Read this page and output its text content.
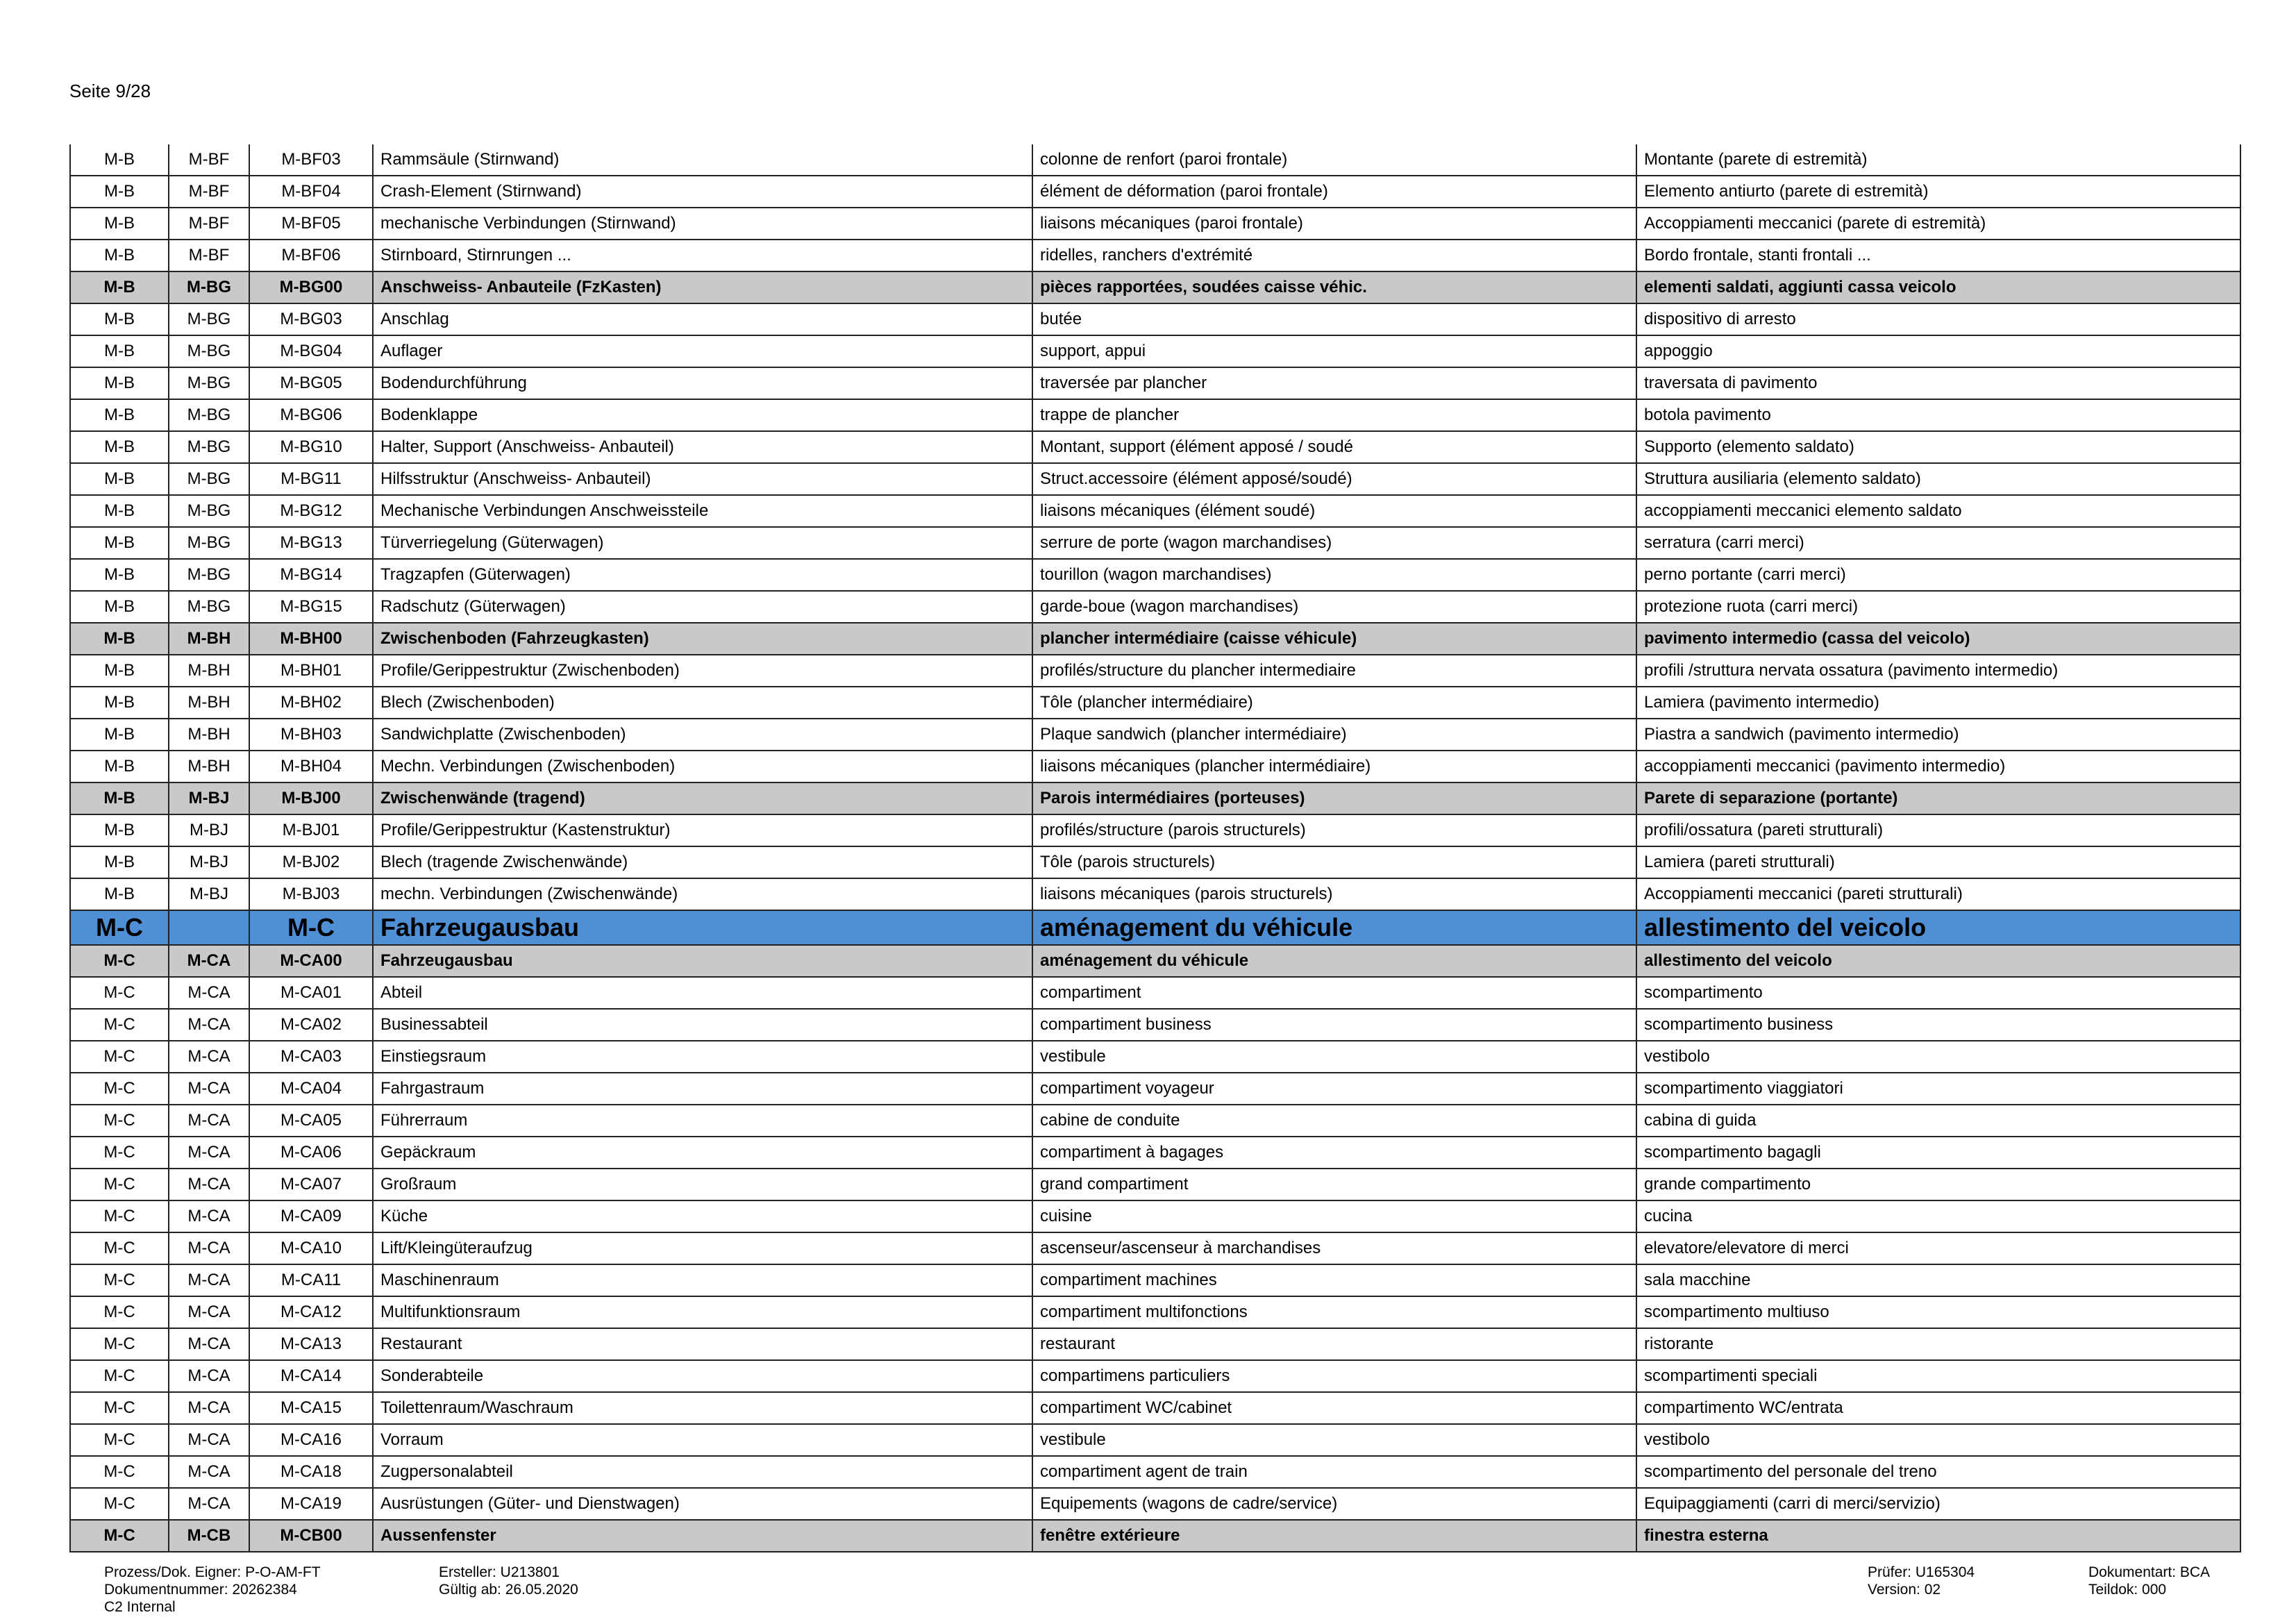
Seite 9/28
M-B	M-BF	M-BF03	Rammsäule (Stirnwand)	colonne de renfort (paroi frontale)	Montante (parete di estremità)
M-B	M-BF	M-BF04	Crash-Element (Stirnwand)	élément de déformation (paroi frontale)	Elemento antiurto (parete di estremità)
M-B	M-BF	M-BF05	mechanische Verbindungen (Stirnwand)	liaisons mécaniques (paroi frontale)	Accoppiamenti meccanici (parete di estremità)
M-B	M-BF	M-BF06	Stirnboard, Stirnrungen ...	ridelles, ranchers d'extrémité	Bordo frontale, stanti frontali ...
M-B	M-BG	M-BG00	Anschweiss- Anbauteile (FzKasten)	pièces rapportées, soudées caisse véhic.	elementi saldati, aggiunti cassa veicolo
M-B	M-BG	M-BG03	Anschlag	butée	dispositivo di arresto
M-B	M-BG	M-BG04	Auflager	support, appui	appoggio
M-B	M-BG	M-BG05	Bodendurchführung	traversée par plancher	traversata di pavimento
M-B	M-BG	M-BG06	Bodenklappe	trappe de plancher	botola pavimento
M-B	M-BG	M-BG10	Halter, Support (Anschweiss- Anbauteil)	Montant, support (élément apposé / soudé	Supporto (elemento saldato)
M-B	M-BG	M-BG11	Hilfsstruktur (Anschweiss- Anbauteil)	Struct.accessoire (élément apposé/soudé)	Struttura ausiliaria (elemento saldato)
M-B	M-BG	M-BG12	Mechanische Verbindungen Anschweissteile	liaisons mécaniques (élément soudé)	accoppiamenti meccanici elemento saldato
M-B	M-BG	M-BG13	Türverriegelung (Güterwagen)	serrure de porte (wagon marchandises)	serratura (carri merci)
M-B	M-BG	M-BG14	Tragzapfen (Güterwagen)	tourillon (wagon marchandises)	perno portante (carri merci)
M-B	M-BG	M-BG15	Radschutz (Güterwagen)	garde-boue (wagon marchandises)	protezione ruota (carri merci)
M-B	M-BH	M-BH00	Zwischenboden (Fahrzeugkasten)	plancher intermédiaire (caisse véhicule)	pavimento intermedio (cassa del veicolo)
M-B	M-BH	M-BH01	Profile/Gerippestruktur (Zwischenboden)	profilés/structure du plancher intermediaire	profili /struttura nervata ossatura (pavimento intermedio)
M-B	M-BH	M-BH02	Blech (Zwischenboden)	Tôle (plancher intermédiaire)	Lamiera (pavimento intermedio)
M-B	M-BH	M-BH03	Sandwichplatte (Zwischenboden)	Plaque sandwich (plancher intermédiaire)	Piastra a sandwich (pavimento intermedio)
M-B	M-BH	M-BH04	Mechn. Verbindungen (Zwischenboden)	liaisons mécaniques (plancher intermédiaire)	accoppiamenti meccanici (pavimento intermedio)
M-B	M-BJ	M-BJ00	Zwischenwände (tragend)	Parois intermédiaires (porteuses)	Parete di separazione (portante)
M-B	M-BJ	M-BJ01	Profile/Gerippestruktur (Kastenstruktur)	profilés/structure (parois structurels)	profili/ossatura (pareti strutturali)
M-B	M-BJ	M-BJ02	Blech (tragende Zwischenwände)	Tôle (parois structurels)	Lamiera (pareti strutturali)
M-B	M-BJ	M-BJ03	mechn. Verbindungen (Zwischenwände)	liaisons mécaniques (parois structurels)	Accoppiamenti meccanici (pareti strutturali)
M-C		M-C	Fahrzeugausbau	aménagement du véhicule	allestimento del veicolo
M-C	M-CA	M-CA00	Fahrzeugausbau	aménagement du véhicule	allestimento del veicolo
M-C	M-CA	M-CA01	Abteil	compartiment	scompartimento
M-C	M-CA	M-CA02	Businessabteil	compartiment business	scompartimento business
M-C	M-CA	M-CA03	Einstiegsraum	vestibule	vestibolo
M-C	M-CA	M-CA04	Fahrgastraum	compartiment voyageur	scompartimento viaggiatori
M-C	M-CA	M-CA05	Führerraum	cabine de conduite	cabina di guida
M-C	M-CA	M-CA06	Gepäckraum	compartiment à bagages	scompartimento bagagli
M-C	M-CA	M-CA07	Großraum	grand compartiment	grande compartimento
M-C	M-CA	M-CA09	Küche	cuisine	cucina
M-C	M-CA	M-CA10	Lift/Kleingüteraufzug	ascenseur/ascenseur à marchandises	elevatore/elevatore di merci
M-C	M-CA	M-CA11	Maschinenraum	compartiment machines	sala macchine
M-C	M-CA	M-CA12	Multifunktionsraum	compartiment multifonctions	scompartimento multiuso
M-C	M-CA	M-CA13	Restaurant	restaurant	ristorante
M-C	M-CA	M-CA14	Sonderabteile	compartimens particuliers	scompartimenti speciali
M-C	M-CA	M-CA15	Toilettenraum/Waschraum	compartiment WC/cabinet	compartimento WC/entrata
M-C	M-CA	M-CA16	Vorraum	vestibule	vestibolo
M-C	M-CA	M-CA18	Zugpersonalabteil	compartiment agent de train	scompartimento del personale del treno
M-C	M-CA	M-CA19	Ausrüstungen (Güter- und Dienstwagen)	Equipements (wagons de cadre/service)	Equipaggiamenti (carri di merci/servizio)
M-C	M-CB	M-CB00	Aussenfenster	fenêtre extérieure	finestra esterna
Prozess/Dok. Eigner: P-O-AM-FT
Dokumentnummer: 20262384
C2 Internal
Ersteller: U213801
Gültig ab: 26.05.2020
Prüfer: U165304
Version: 02
Dokumentart: BCA
Teildok: 000
